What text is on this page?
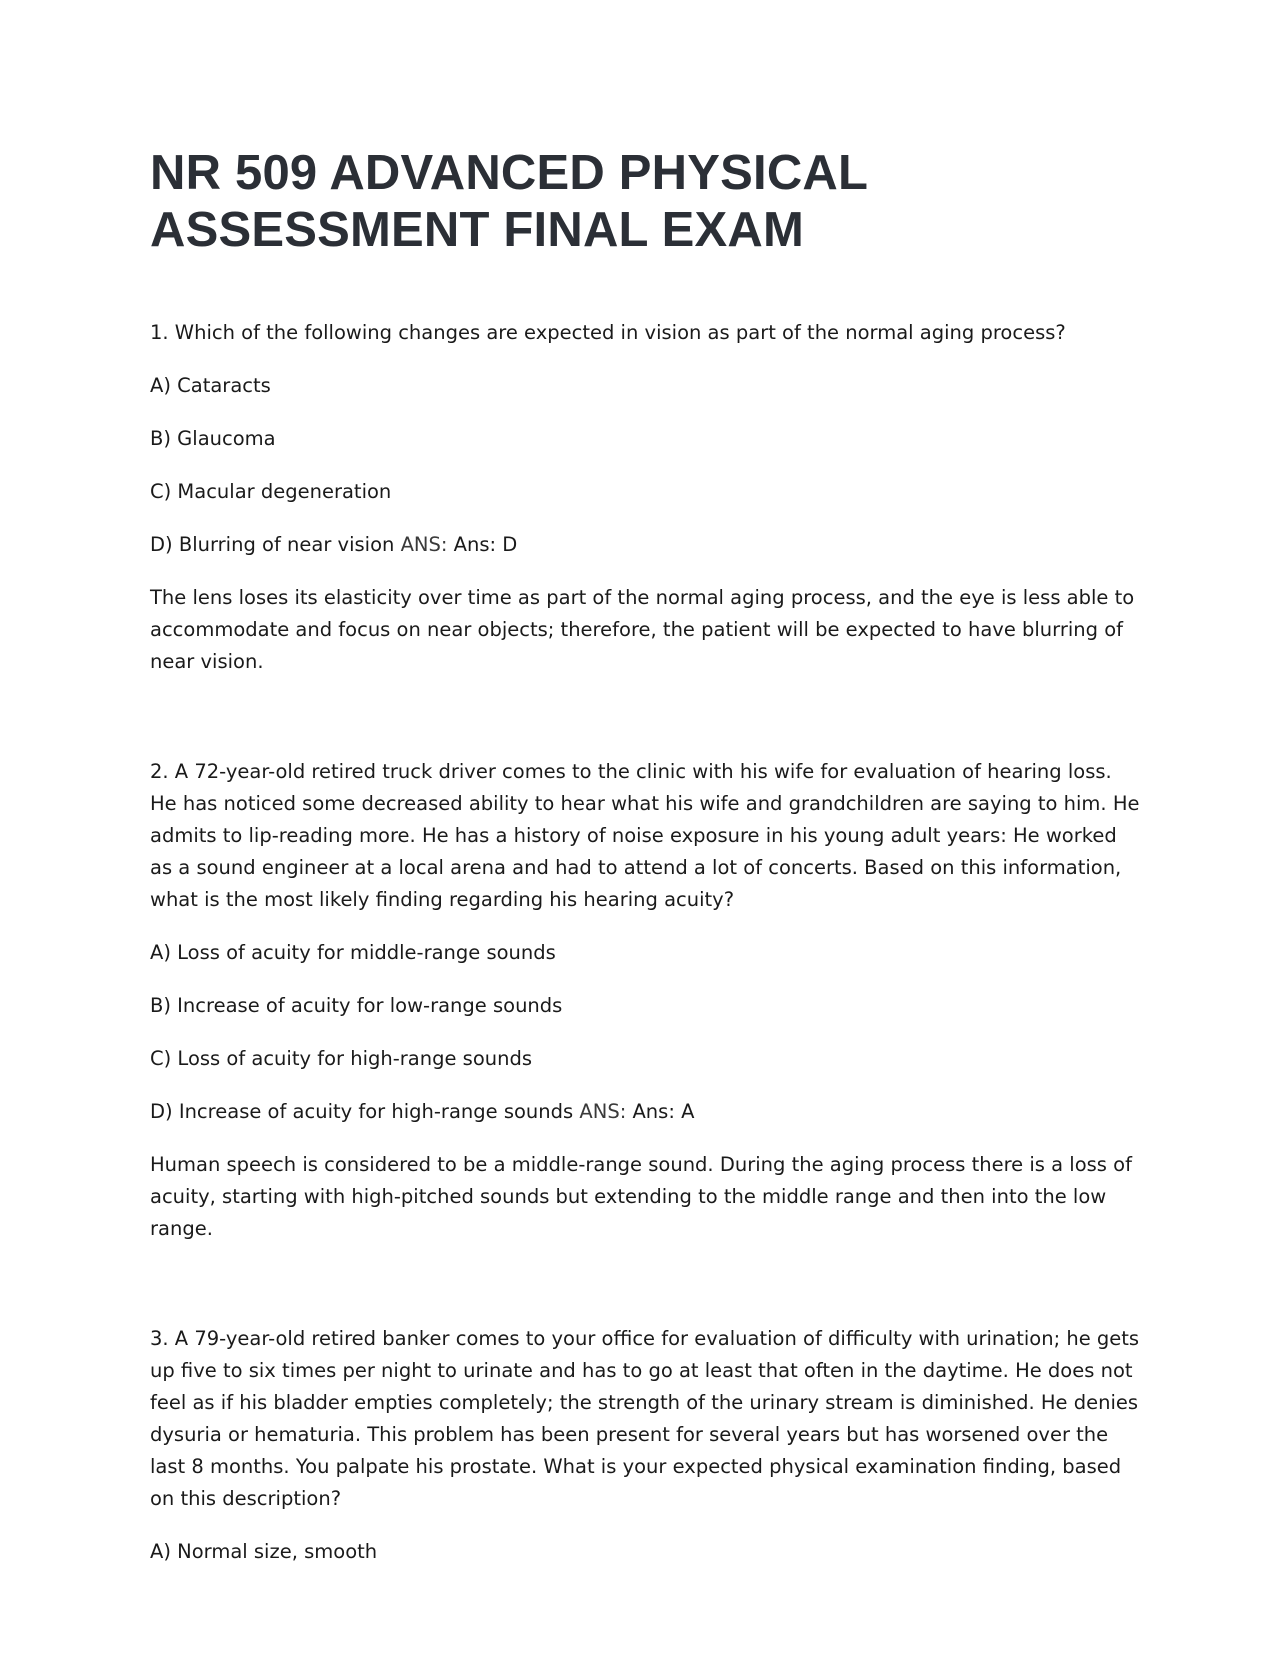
NR 509 ADVANCED PHYSICAL
ASSESSMENT FINAL EXAM

1. Which of the following changes are expected in vision as part of the normal aging process?

A) Cataracts

B) Glaucoma

C) Macular degeneration

D) Blurring of near vision ANS: Ans: D

The lens loses its elasticity over time as part of the normal aging process, and the eye is less able to accommodate and focus on near objects; therefore, the patient will be expected to have blurring of near vision.

2. A 72-year-old retired truck driver comes to the clinic with his wife for evaluation of hearing loss. He has noticed some decreased ability to hear what his wife and grandchildren are saying to him. He admits to lip-reading more. He has a history of noise exposure in his young adult years: He worked as a sound engineer at a local arena and had to attend a lot of concerts. Based on this information, what is the most likely finding regarding his hearing acuity?

A) Loss of acuity for middle-range sounds

B) Increase of acuity for low-range sounds

C) Loss of acuity for high-range sounds

D) Increase of acuity for high-range sounds ANS: Ans: A

Human speech is considered to be a middle-range sound. During the aging process there is a loss of acuity, starting with high-pitched sounds but extending to the middle range and then into the low range.

3. A 79-year-old retired banker comes to your office for evaluation of difficulty with urination; he gets up five to six times per night to urinate and has to go at least that often in the daytime. He does not feel as if his bladder empties completely; the strength of the urinary stream is diminished. He denies dysuria or hematuria. This problem has been present for several years but has worsened over the last 8 months. You palpate his prostate. What is your expected physical examination finding, based on this description?

A) Normal size, smooth
